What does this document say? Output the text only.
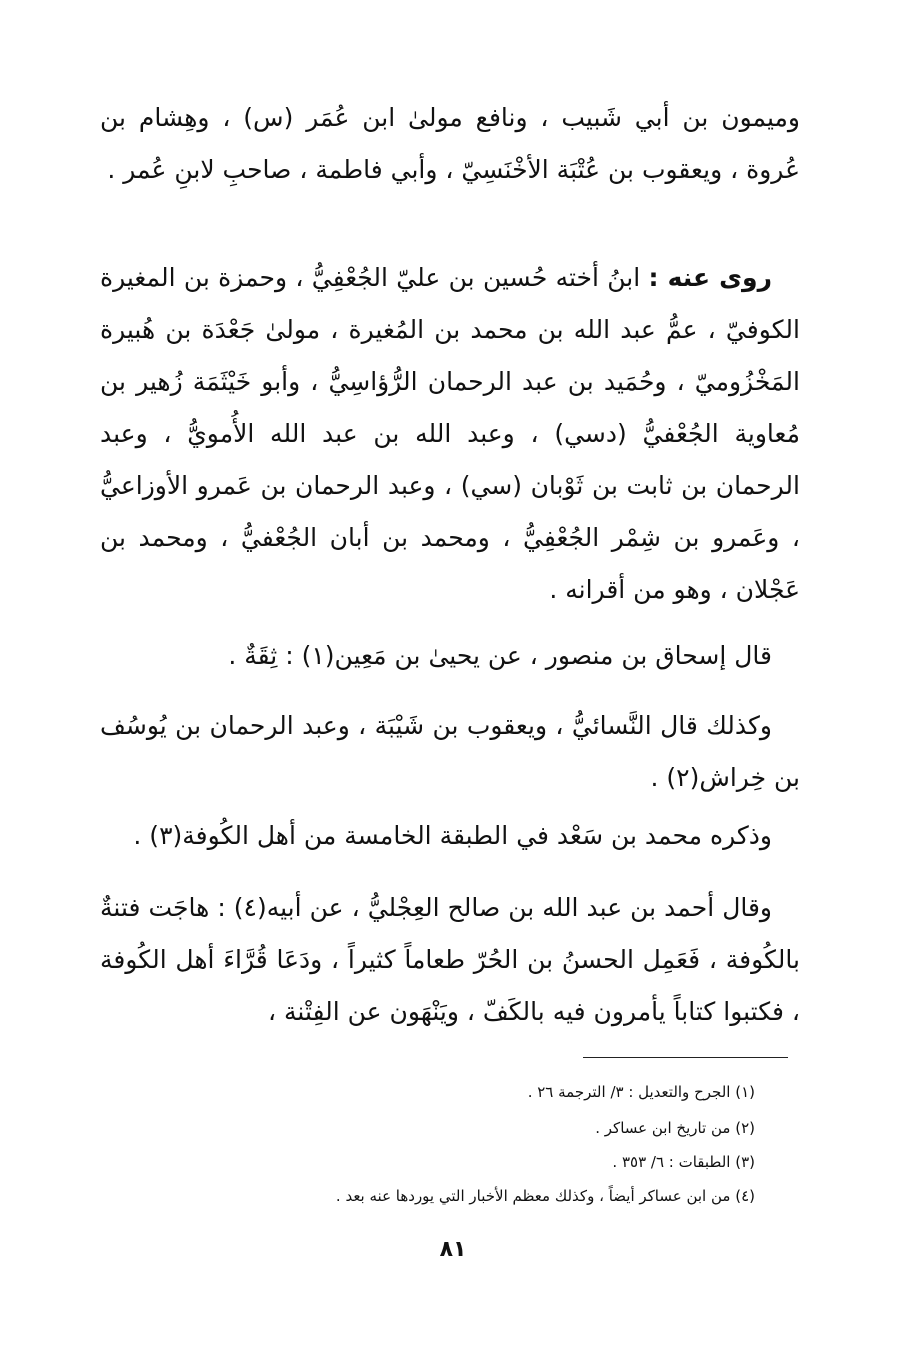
وميمون بن أبي شَبيب ، ونافع مولىٰ ابن عُمَر (س) ، وهِشام بن عُروة ، ويعقوب بن عُتْبَة الأخْنَسِيّ ، وأبي فاطمة ، صاحبِ لابنِ عُمر .

روى عنه : ابنُ أخته حُسين بن عليّ الجُعْفِيُّ ، وحمزة بن المغيرة الكوفيّ ، عمُّ عبد الله بن محمد بن المُغيرة ، مولىٰ جَعْدَة بن هُبيرة المَخْزُوميّ ، وحُمَيد بن عبد الرحمان الرُّؤاسِيُّ ، وأبو خَيْثَمَة زُهير بن مُعاوية الجُعْفيُّ (دسي) ، وعبد الله بن عبد الله الأُمويُّ ، وعبد الرحمان بن ثابت بن ثَوْبان (سي) ، وعبد الرحمان بن عَمرو الأوزاعيُّ ، وعَمرو بن شِمْر الجُعْفِيُّ ، ومحمد بن أبان الجُعْفيُّ ، ومحمد بن عَجْلان ، وهو من أقرانه .

قال إسحاق بن منصور ، عن يحيىٰ بن مَعِين(١) : ثِقَةٌ .

وكذلك قال النَّسائيُّ ، ويعقوب بن شَيْبَة ، وعبد الرحمان بن يُوسُف بن خِراش(٢) .

وذكره محمد بن سَعْد في الطبقة الخامسة من أهل الكُوفة(٣) .

وقال أحمد بن عبد الله بن صالح العِجْليُّ ، عن أبيه(٤) : هاجَت فتنةٌ بالكُوفة ، فَعَمِل الحسنُ بن الحُرّ طعاماً كثيراً ، ودَعَا قُرَّاءَ أهل الكُوفة ، فكتبوا كتاباً يأمرون فيه بالكَفّ ، ويَنْهَون عن الفِتْنة ،

(١) الجرح والتعديل : ٣/ الترجمة ٢٦ .

(٢) من تاريخ ابن عساكر .

(٣) الطبقات : ٦/ ٣٥٣ .

(٤) من ابن عساكر أيضاً ، وكذلك معظم الأخبار التي يوردها عنه بعد .

٨١
